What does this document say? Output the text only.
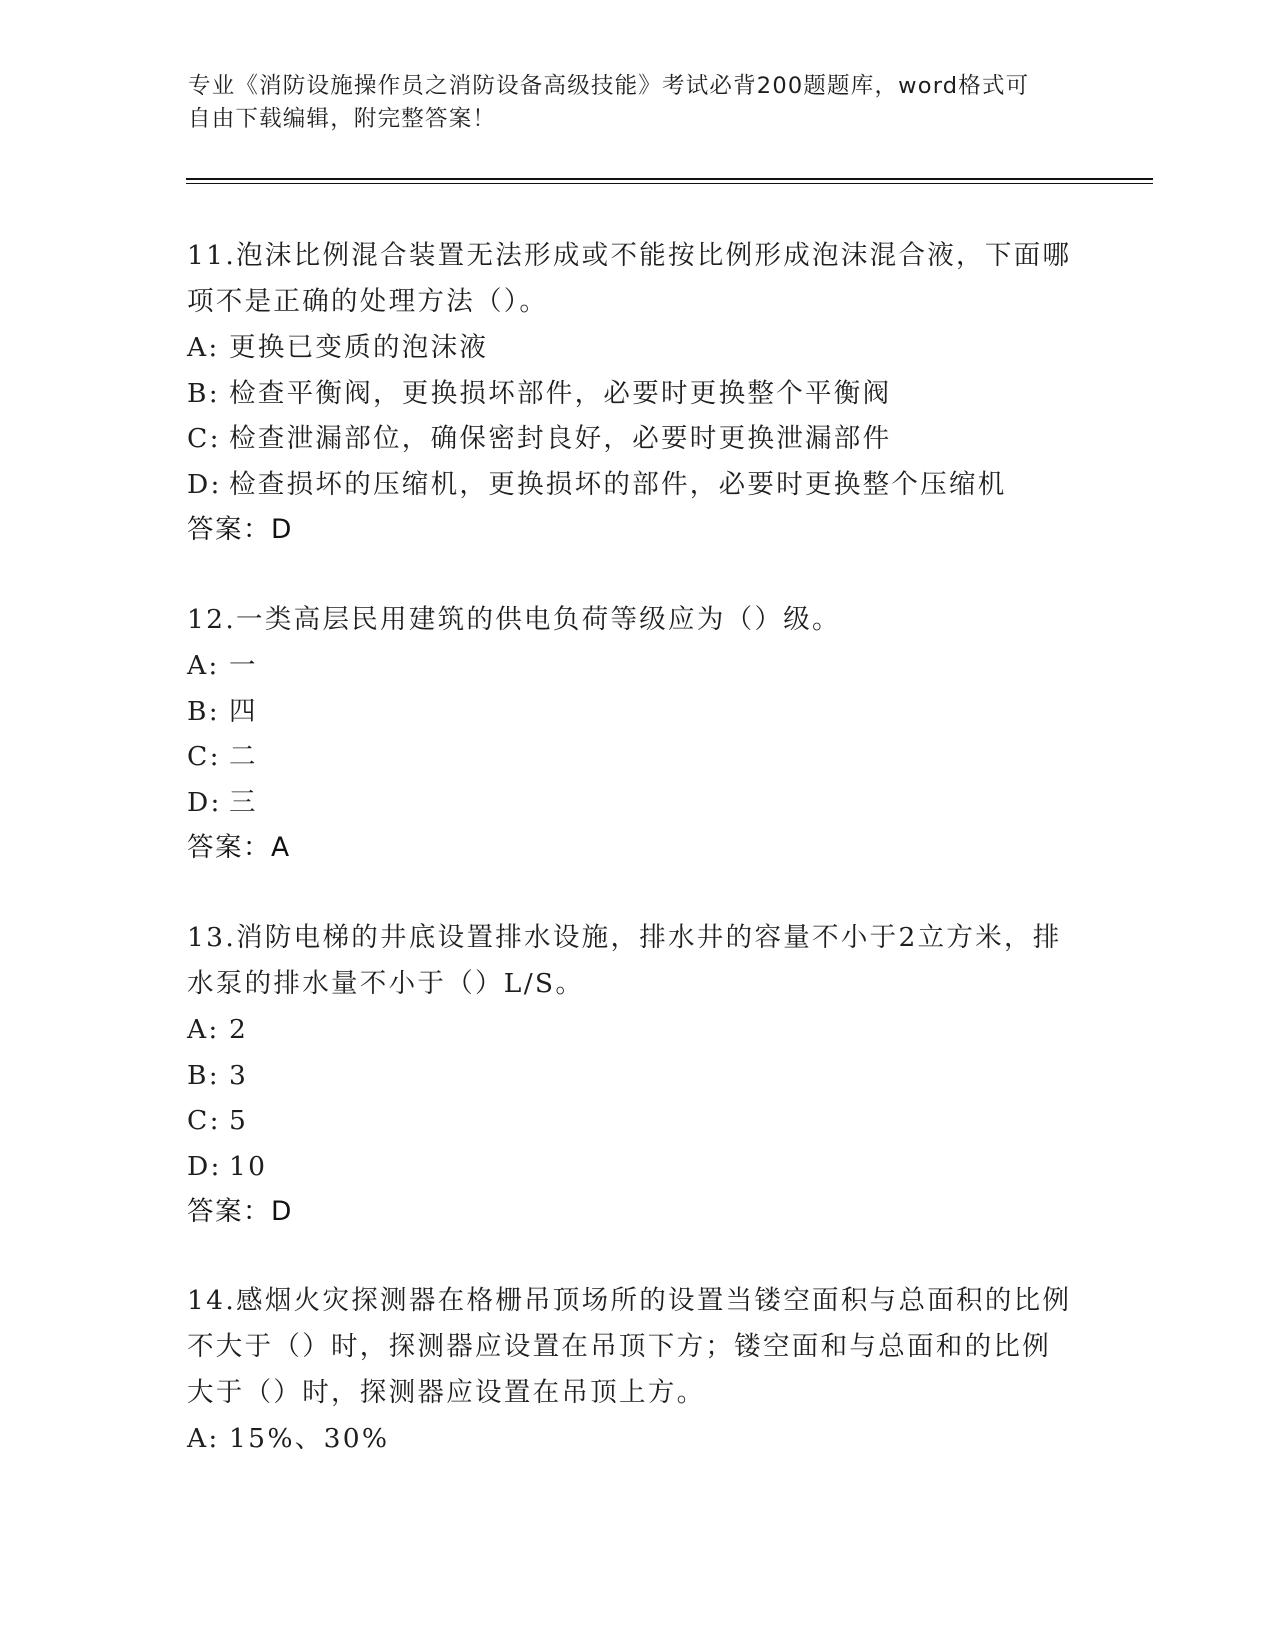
专业《消防设施操作员之消防设备高级技能》考试必背200题题库，word格式可
自由下载编辑，附完整答案！

11.泡沫比例混合装置无法形成或不能按比例形成泡沫混合液，下面哪

项不是正确的处理方法（）。

A: 更换已变质的泡沫液

B: 检查平衡阀，更换损坏部件，必要时更换整个平衡阀

C: 检查泄漏部位，确保密封良好，必要时更换泄漏部件

D: 检查损坏的压缩机，更换损坏的部件，必要时更换整个压缩机

答案：D

12.一类高层民用建筑的供电负荷等级应为（）级。

A: 一

B: 四

C: 二

D: 三

答案：A

13.消防电梯的井底设置排水设施，排水井的容量不小于2立方米，排

水泵的排水量不小于（）L/S。

A: 2

B: 3

C: 5

D: 10

答案：D

14.感烟火灾探测器在格栅吊顶场所的设置当镂空面积与总面积的比例

不大于（）时，探测器应设置在吊顶下方；镂空面和与总面和的比例

大于（）时，探测器应设置在吊顶上方。

A: 15%、30%
